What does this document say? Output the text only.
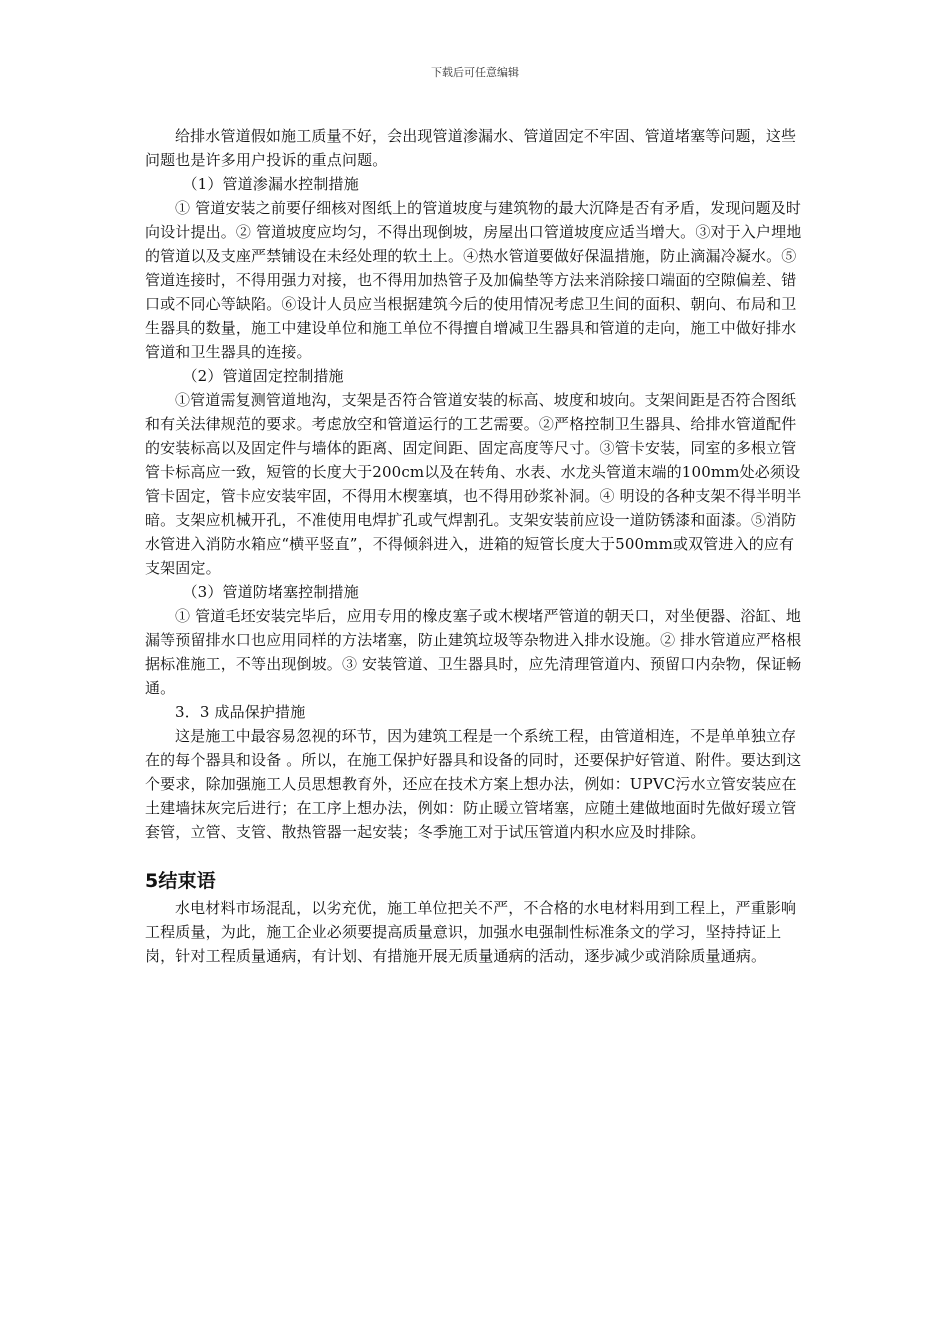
下载后可任意编辑

给排水管道假如施工质量不好，会出现管道渗漏水、管道固定不牢固、管道堵塞等问题，这些问题也是许多用户投诉的重点问题。

（1）管道渗漏水控制措施

① 管道安装之前要仔细核对图纸上的管道坡度与建筑物的最大沉降是否有矛盾，发现问题及时向设计提出。② 管道坡度应均匀，不得出现倒坡，房屋出口管道坡度应适当增大。③对于入户埋地的管道以及支座严禁铺设在未经处理的软土上。④热水管道要做好保温措施，防止滴漏冷凝水。⑤管道连接时，不得用强力对接，也不得用加热管子及加偏垫等方法来消除接口端面的空隙偏差、错口或不同心等缺陷。⑥设计人员应当根据建筑今后的使用情况考虑卫生间的面积、朝向、布局和卫生器具的数量，施工中建设单位和施工单位不得擅自增减卫生器具和管道的走向，施工中做好排水管道和卫生器具的连接。

（2）管道固定控制措施

①管道需复测管道地沟，支架是否符合管道安装的标高、坡度和坡向。支架间距是否符合图纸和有关法律规范的要求。考虑放空和管道运行的工艺需要。②严格控制卫生器具、给排水管道配件的安装标高以及固定件与墙体的距离、固定间距、固定高度等尺寸。③管卡安装，同室的多根立管管卡标高应一致，短管的长度大于200cm以及在转角、水表、水龙头管道末端的100mm处必须设管卡固定，管卡应安装牢固，不得用木楔塞填，也不得用砂浆补洞。④ 明设的各种支架不得半明半暗。支架应机械开孔，不准使用电焊扩孔或气焊割孔。支架安装前应设一道防锈漆和面漆。⑤消防水管进入消防水箱应“横平竖直”，不得倾斜进入，进箱的短管长度大于500mm或双管进入的应有支架固定。

（3）管道防堵塞控制措施

① 管道毛坯安装完毕后，应用专用的橡皮塞子或木楔堵严管道的朝天口，对坐便器、浴缸、地漏等预留排水口也应用同样的方法堵塞，防止建筑垃圾等杂物进入排水设施。② 排水管道应严格根据标准施工，不等出现倒坡。③ 安装管道、卫生器具时，应先清理管道内、预留口内杂物，保证畅通。

3．3 成品保护措施

这是施工中最容易忽视的环节，因为建筑工程是一个系统工程，由管道相连，不是单单独立存在的每个器具和设备 。所以，在施工保护好器具和设备的同时，还要保护好管道、附件。要达到这个要求，除加强施工人员思想教育外，还应在技术方案上想办法，例如：UPVC污水立管安装应在土建墙抹灰完后进行；在工序上想办法，例如：防止暖立管堵塞，应随土建做地面时先做好瑗立管套管，立管、支管、散热管器一起安装；冬季施工对于试压管道内积水应及时排除。

5结束语

水电材料市场混乱，以劣充优，施工单位把关不严，不合格的水电材料用到工程上，严重影响工程质量，为此，施工企业必须要提高质量意识，加强水电强制性标准条文的学习，坚持持证上岗，针对工程质量通病，有计划、有措施开展无质量通病的活动，逐步减少或消除质量通病。
